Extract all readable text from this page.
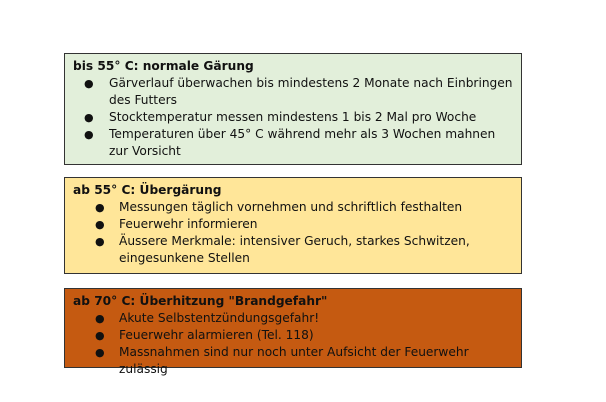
bis 55° C: normale Gärung
● Gärverlauf überwachen bis mindestens 2 Monate nach Einbringen des Futters
● Stocktemperatur messen mindestens 1 bis 2 Mal pro Woche
● Temperaturen über 45° C während mehr als 3 Wochen mahnen zur Vorsicht
ab 55° C: Übergärung
● Messungen täglich vornehmen und schriftlich festhalten
● Feuerwehr informieren
● Äussere Merkmale: intensiver Geruch, starkes Schwitzen, eingesunkene Stellen
ab 70° C: Überhitzung "Brandgefahr"
● Akute Selbstentzündungsgefahr!
● Feuerwehr alarmieren (Tel. 118)
● Massnahmen sind nur noch unter Aufsicht der Feuerwehr zulässig
